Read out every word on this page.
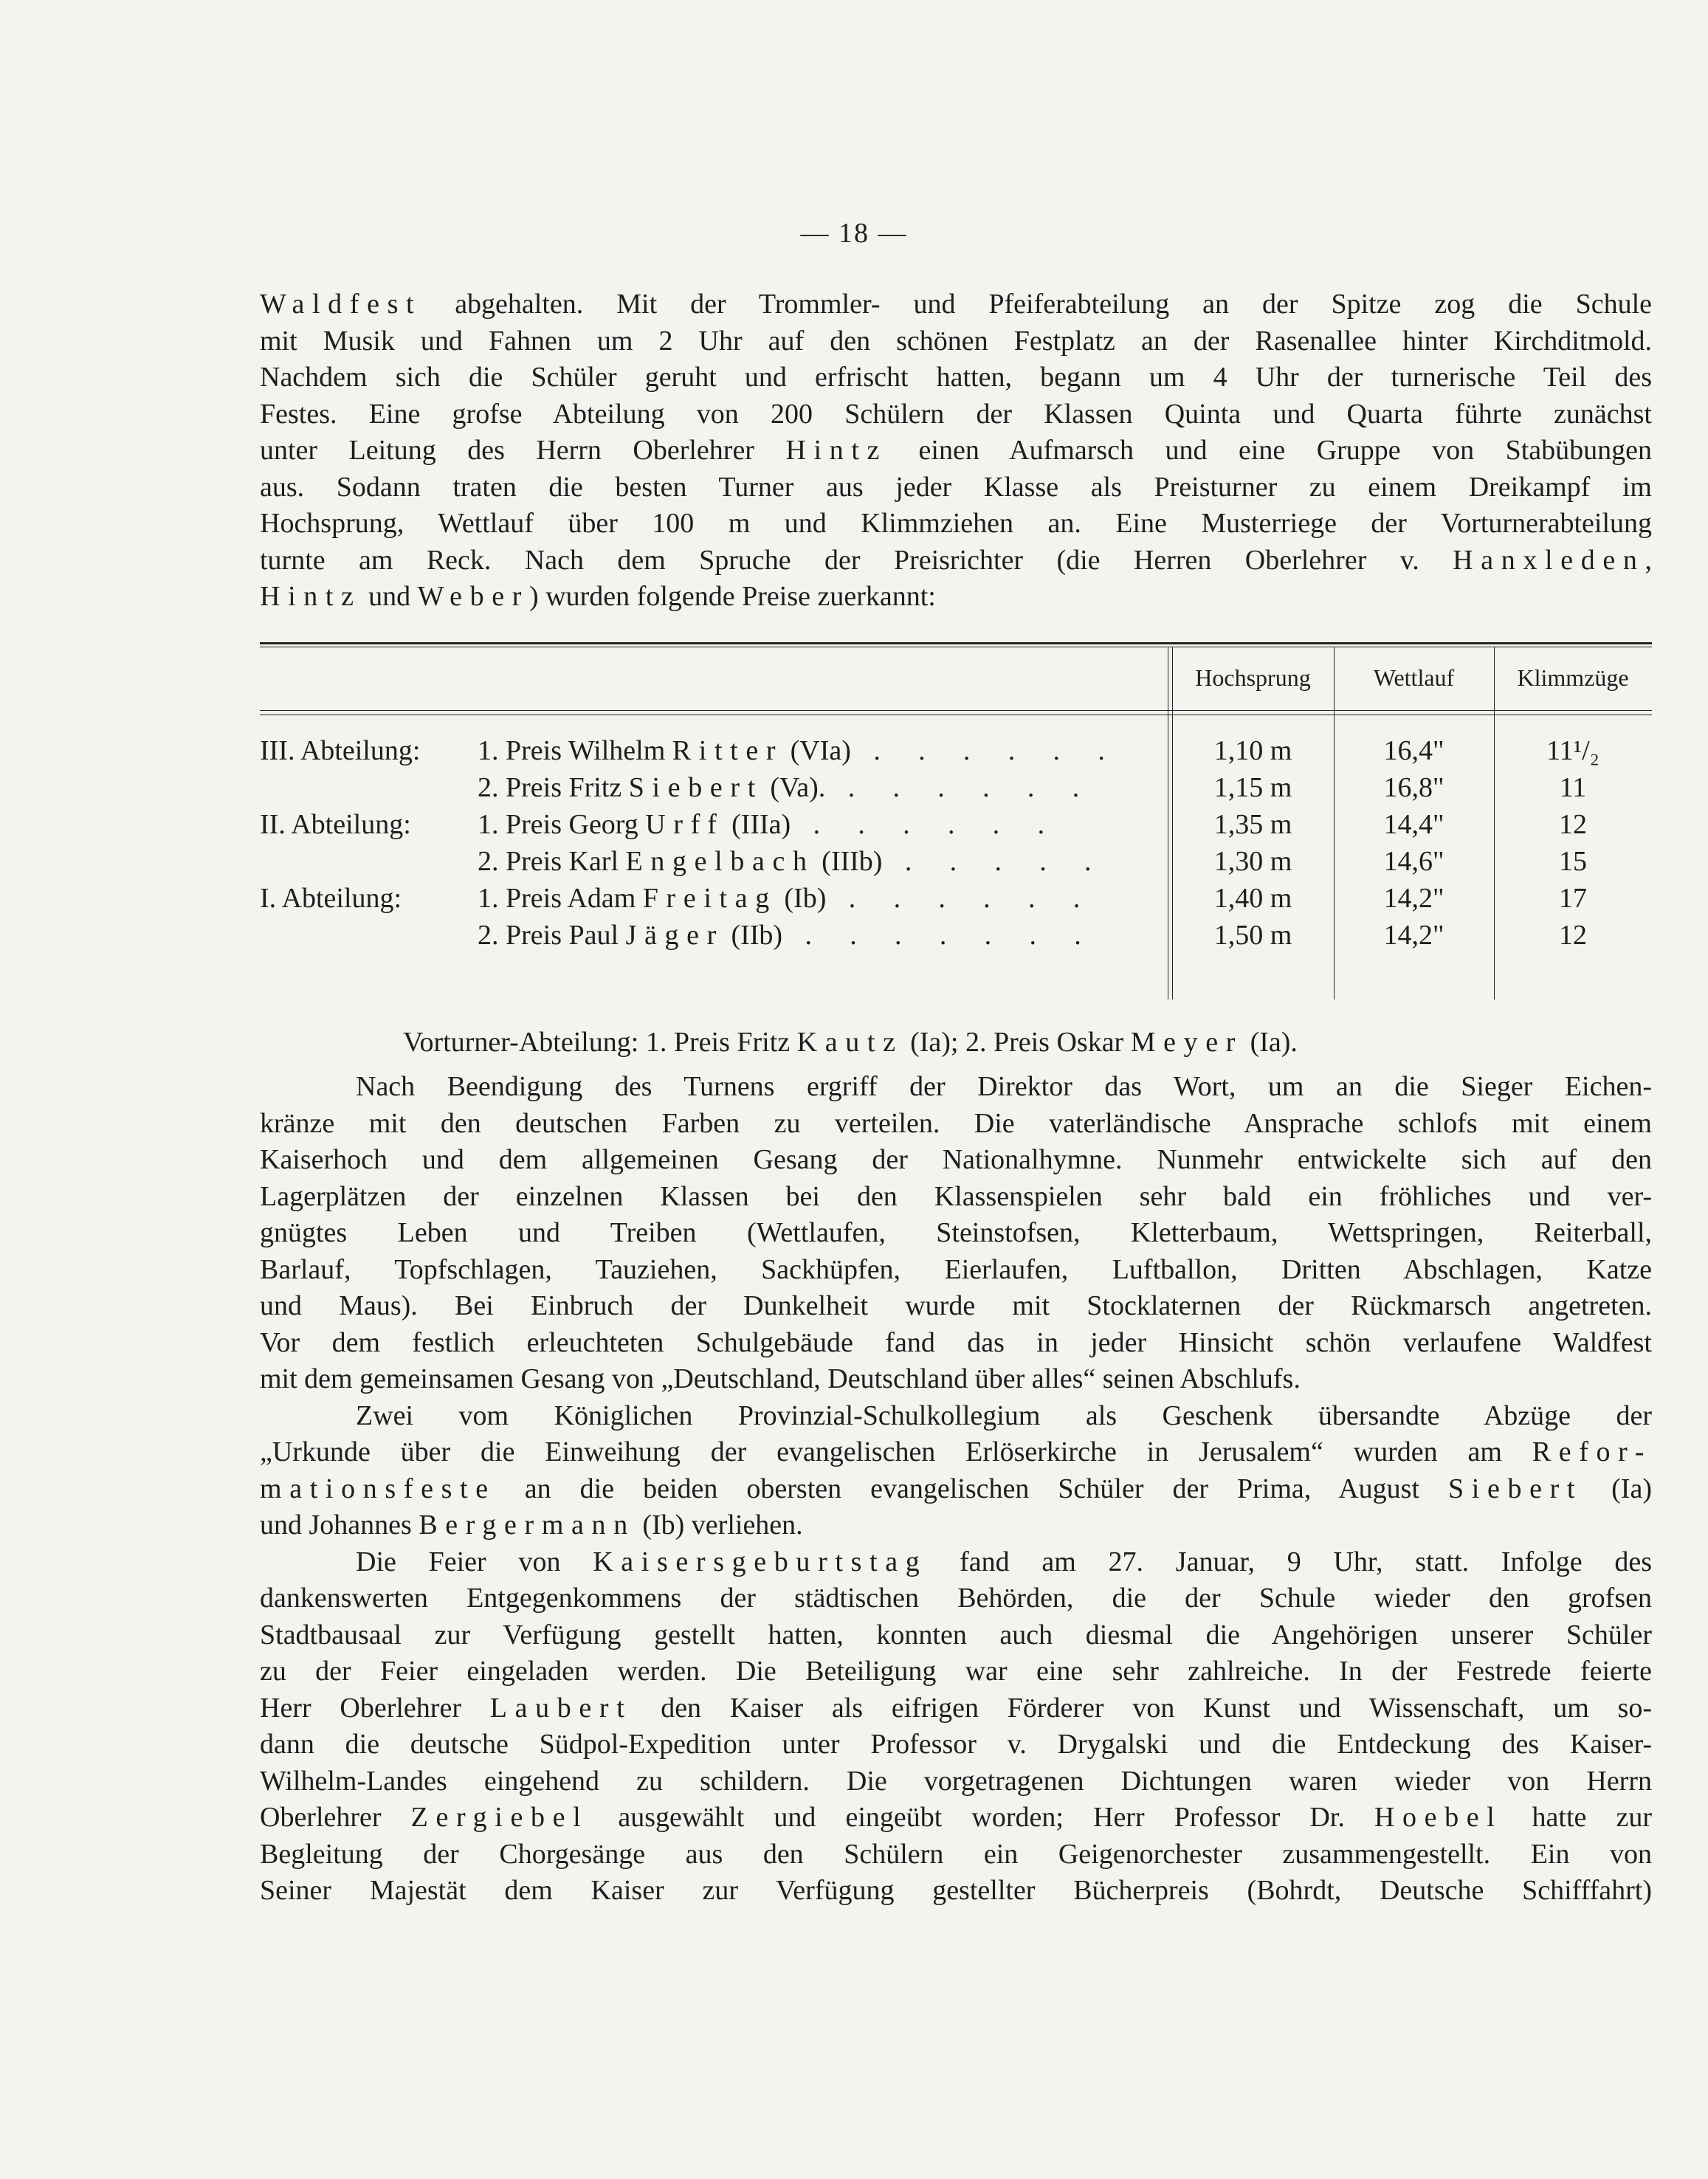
— 18 —
Waldfest abgehalten. Mit der Trommler- und Pfeiferabteilung an der Spitze zog die Schule
mit Musik und Fahnen um 2 Uhr auf den schönen Festplatz an der Rasenallee hinter Kirchditmold.
Nachdem sich die Schüler geruht und erfrischt hatten, begann um 4 Uhr der turnerische Teil des
Festes. Eine grofse Abteilung von 200 Schülern der Klassen Quinta und Quarta führte zunächst
unter Leitung des Herrn Oberlehrer Hintz einen Aufmarsch und eine Gruppe von Stabübungen
aus. Sodann traten die besten Turner aus jeder Klasse als Preisturner zu einem Dreikampf im
Hochsprung, Wettlauf über 100 m und Klimmziehen an. Eine Musterriege der Vorturnerabteilung
turnte am Reck. Nach dem Spruche der Preisrichter (die Herren Oberlehrer v. Hanxleden,
Hintz und Weber) wurden folgende Preise zuerkannt:
Hochsprung	Wettlauf	Klimmzüge
III. Abteilung:	1. Preis Wilhelm Ritter (VIa) . . . . . .	1,10 m	16,4"	11¹/₂
2. Preis Fritz Siebert (Va). . . . . . .	1,15 m	16,8"	11
II. Abteilung:	1. Preis Georg Urff (IIIa) . . . . . .	1,35 m	14,4"	12
2. Preis Karl Engelbach (IIIb) . . . . .	1,30 m	14,6"	15
I. Abteilung:	1. Preis Adam Freitag (Ib) . . . . . .	1,40 m	14,2"	17
2. Preis Paul Jäger (IIb) . . . . . . .	1,50 m	14,2"	12
Vorturner-Abteilung: 1. Preis Fritz Kautz (Ia); 2. Preis Oskar Meyer (Ia).
Nach Beendigung des Turnens ergriff der Direktor das Wort, um an die Sieger Eichen-
kränze mit den deutschen Farben zu verteilen. Die vaterländische Ansprache schlofs mit einem
Kaiserhoch und dem allgemeinen Gesang der Nationalhymne. Nunmehr entwickelte sich auf den
Lagerplätzen der einzelnen Klassen bei den Klassenspielen sehr bald ein fröhliches und ver-
gnügtes Leben und Treiben (Wettlaufen, Steinstofsen, Kletterbaum, Wettspringen, Reiterball,
Barlauf, Topfschlagen, Tauziehen, Sackhüpfen, Eierlaufen, Luftballon, Dritten Abschlagen, Katze
und Maus). Bei Einbruch der Dunkelheit wurde mit Stocklaternen der Rückmarsch angetreten.
Vor dem festlich erleuchteten Schulgebäude fand das in jeder Hinsicht schön verlaufene Waldfest
mit dem gemeinsamen Gesang von „Deutschland, Deutschland über alles“ seinen Abschlufs.
Zwei vom Königlichen Provinzial-Schulkollegium als Geschenk übersandte Abzüge der
„Urkunde über die Einweihung der evangelischen Erlöserkirche in Jerusalem“ wurden am Refor-
mationsfeste an die beiden obersten evangelischen Schüler der Prima, August Siebert (Ia)
und Johannes Bergermann (Ib) verliehen.
Die Feier von Kaisersgeburtstag fand am 27. Januar, 9 Uhr, statt. Infolge des
dankenswerten Entgegenkommens der städtischen Behörden, die der Schule wieder den grofsen
Stadtbausaal zur Verfügung gestellt hatten, konnten auch diesmal die Angehörigen unserer Schüler
zu der Feier eingeladen werden. Die Beteiligung war eine sehr zahlreiche. In der Festrede feierte
Herr Oberlehrer Laubert den Kaiser als eifrigen Förderer von Kunst und Wissenschaft, um so-
dann die deutsche Südpol-Expedition unter Professor v. Drygalski und die Entdeckung des Kaiser-
Wilhelm-Landes eingehend zu schildern. Die vorgetragenen Dichtungen waren wieder von Herrn
Oberlehrer Zergiebel ausgewählt und eingeübt worden; Herr Professor Dr. Hoebel hatte zur
Begleitung der Chorgesänge aus den Schülern ein Geigenorchester zusammengestellt. Ein von
Seiner Majestät dem Kaiser zur Verfügung gestellter Bücherpreis (Bohrdt, Deutsche Schifffahrt)
